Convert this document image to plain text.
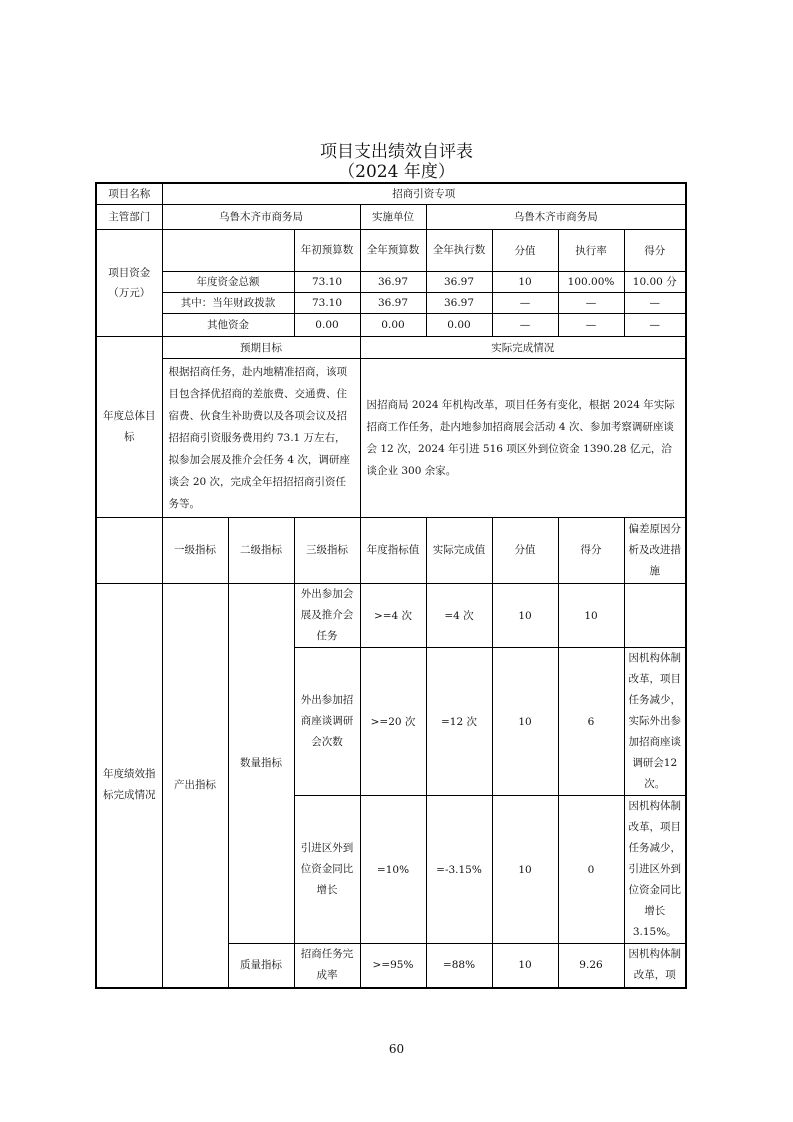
项目支出绩效自评表
（2024 年度）
项目名称	招商引资专项							
主管部门	乌鲁木齐市商务局			实施单位	乌鲁木齐市商务局			
项目资金
（万元）			年初预算数	全年预算数	全年执行数	分值	执行率	得分
	年度资金总额		73.10	36.97	36.97	10	100.00%	10.00 分
	其中：当年财政拨款		73.10	36.97	36.97	—	—	—
	其他资金		0.00	0.00	0.00	—	—	—
年度总体目标	预期目标			实际完成情况				
	根据招商任务，赴内地精准招商，该项目包含择优招商的差旅费、交通费、住宿费、伙食生补助费以及各项会议及招招招商引资服务费用约 73.1 万左右，拟参加会展及推介会任务 4 次，调研座谈会 20 次，完成全年招招招商引资任务等。			因招商局 2024 年机构改革，项目任务有变化，根据 2024 年实际招商工作任务，赴内地参加招商展会活动 4 次、参加考察调研座谈会 12 次，2024 年引进 516 项区外到位资金 1390.28 亿元，洽谈企业 300 余家。				
	一级指标	二级指标	三级指标	年度指标值	实际完成值	分值	得分	偏差原因分析及改进措施
年度绩效指标完成情况	产出指标	数量指标	外出参加会展及推介会任务	>=4 次	=4 次	10	10	
			外出参加招商座谈调研会次数	>=20 次	=12 次	10	6	因机构体制改革，项目任务减少，实际外出参加招商座谈调研会12次。
			引进区外到位资金同比增长	=10%	=-3.15%	10	0	因机构体制改革，项目任务减少，引进区外到位资金同比增长 3.15%。
		质量指标	招商任务完成率	>=95%	=88%	10	9.26	因机构体制改革，项
60
